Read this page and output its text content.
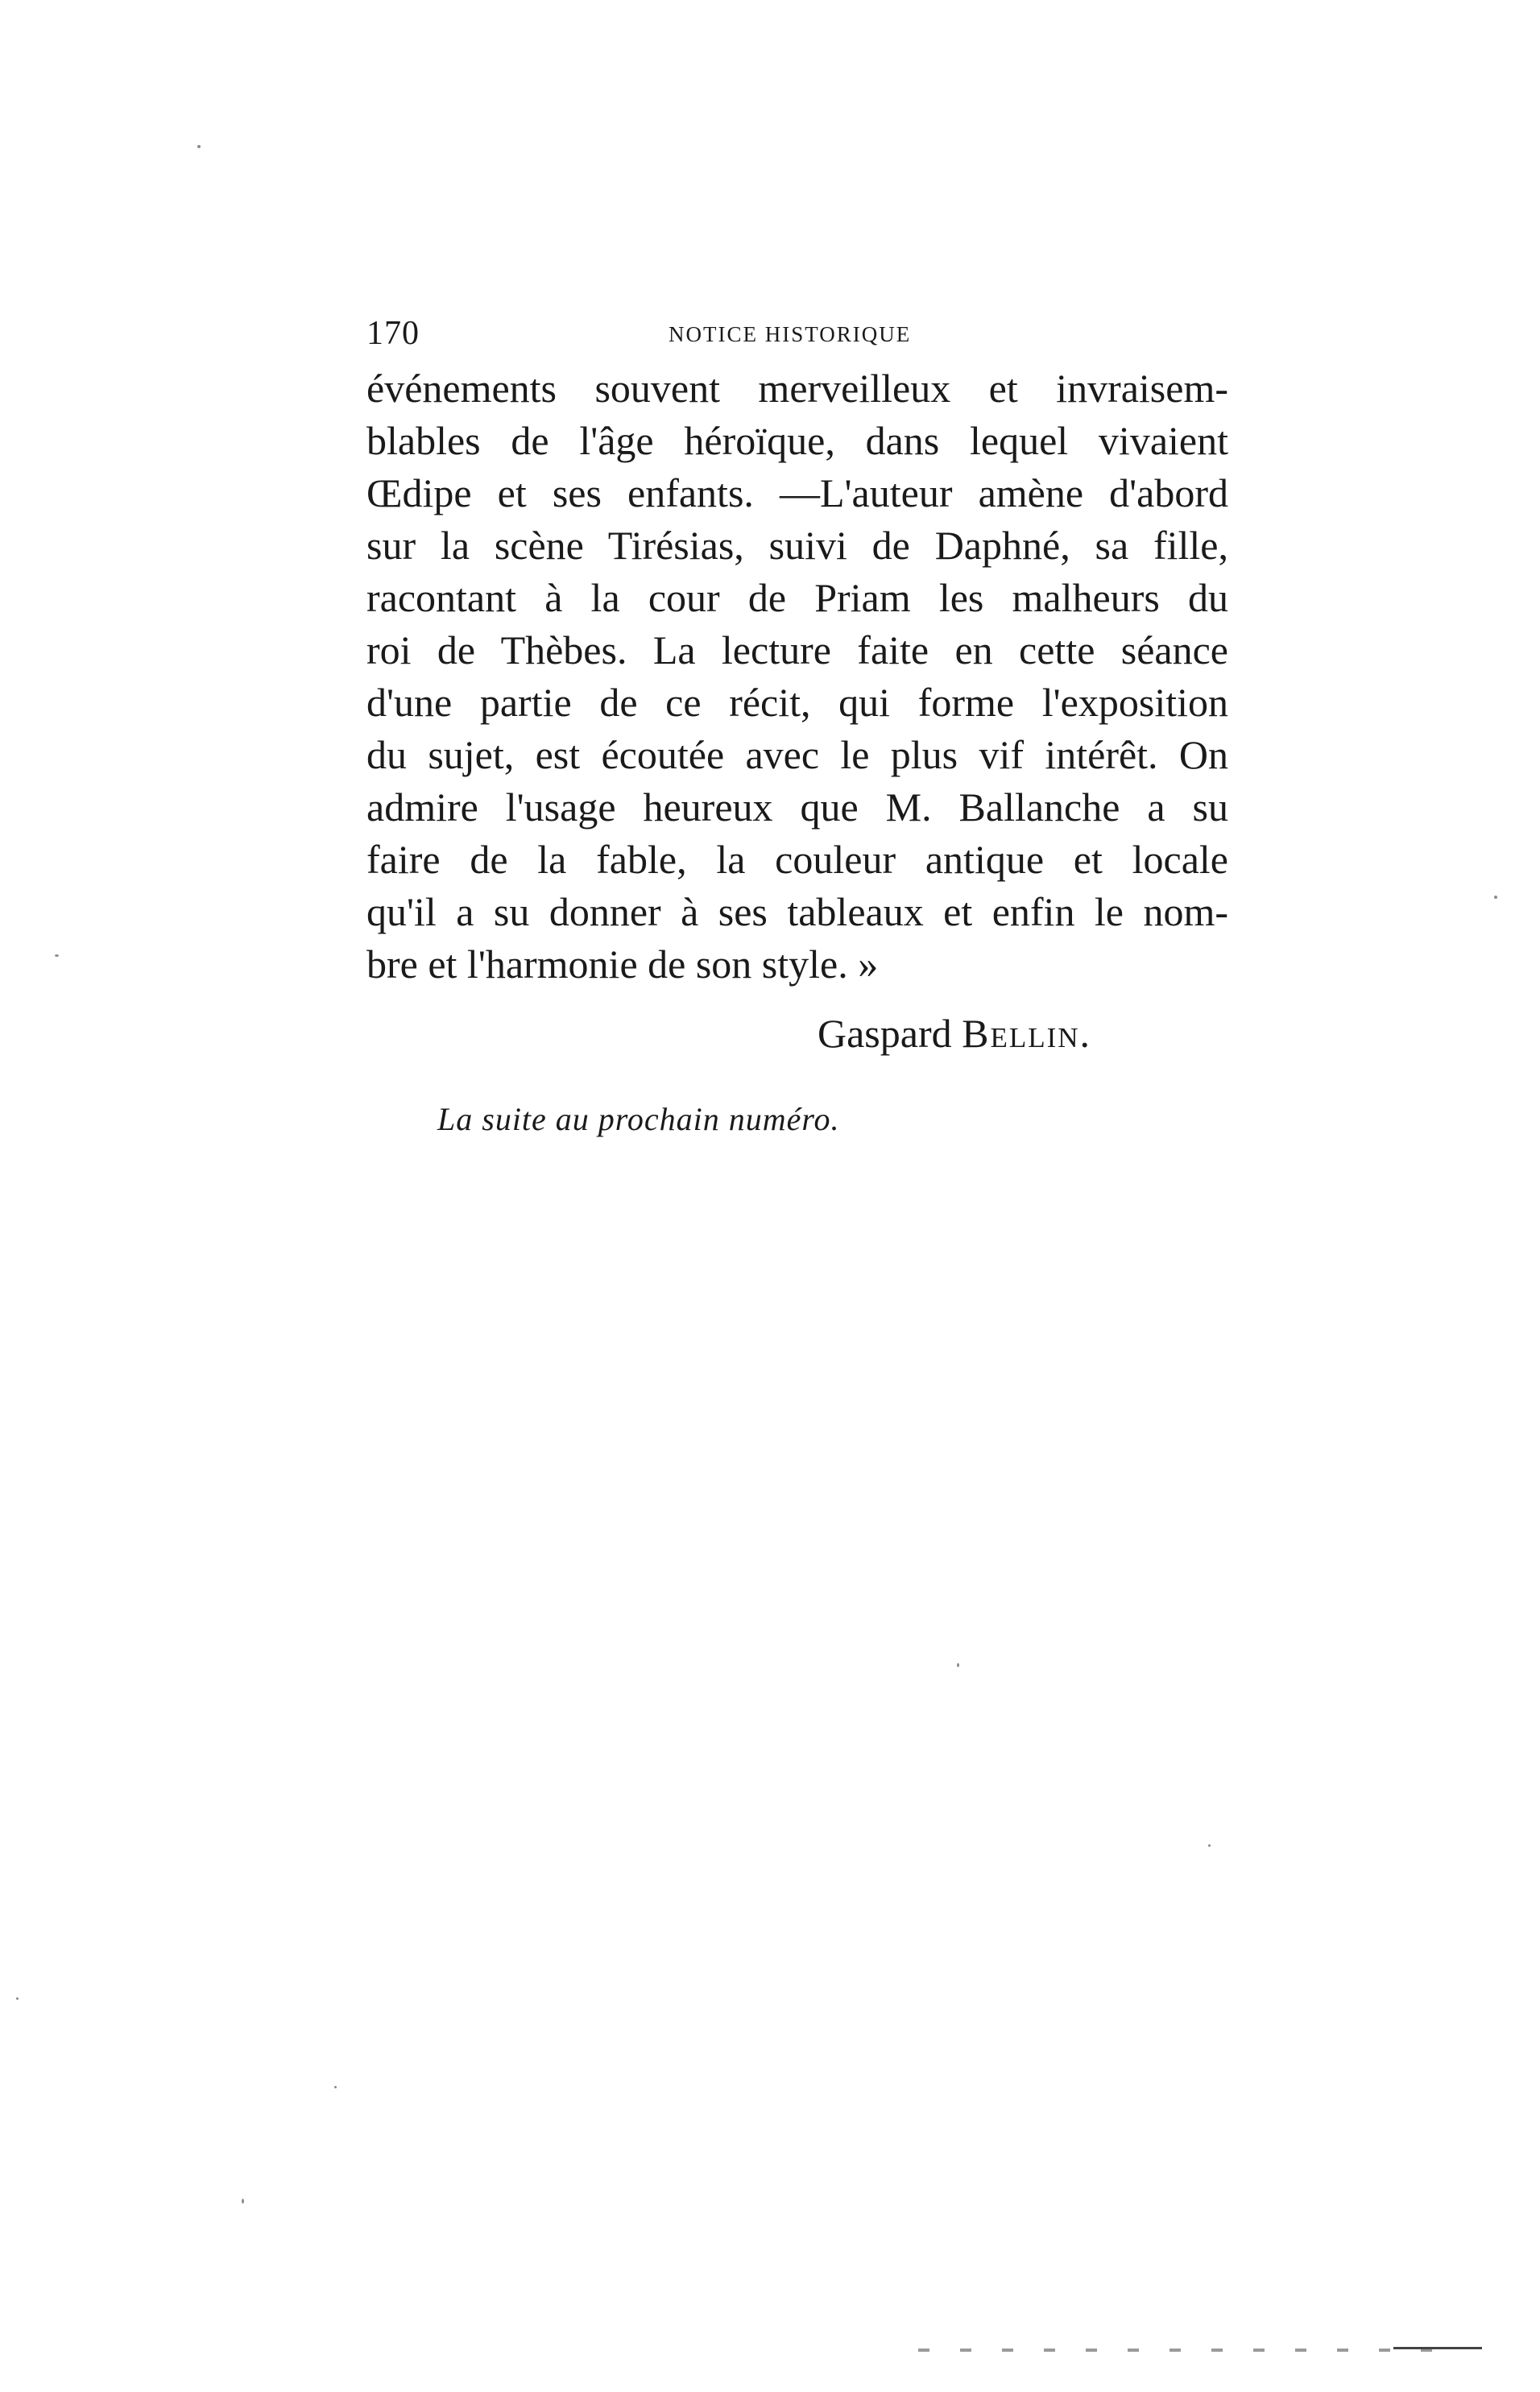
170	NOTICE HISTORIQUE
événements souvent merveilleux et invraisem-
blables de l'âge héroïque, dans lequel vivaient
Œdipe et ses enfants. —L'auteur amène d'abord
sur la scène Tirésias, suivi de Daphné, sa fille,
racontant à la cour de Priam les malheurs du
roi de Thèbes. La lecture faite en cette séance
d'une partie de ce récit, qui forme l'exposition
du sujet, est écoutée avec le plus vif intérêt. On
admire l'usage heureux que M. Ballanche a su
faire de la fable, la couleur antique et locale
qu'il a su donner à ses tableaux et enfin le nom-
bre et l'harmonie de son style. »
Gaspard Bellin.
La suite au prochain numéro.
